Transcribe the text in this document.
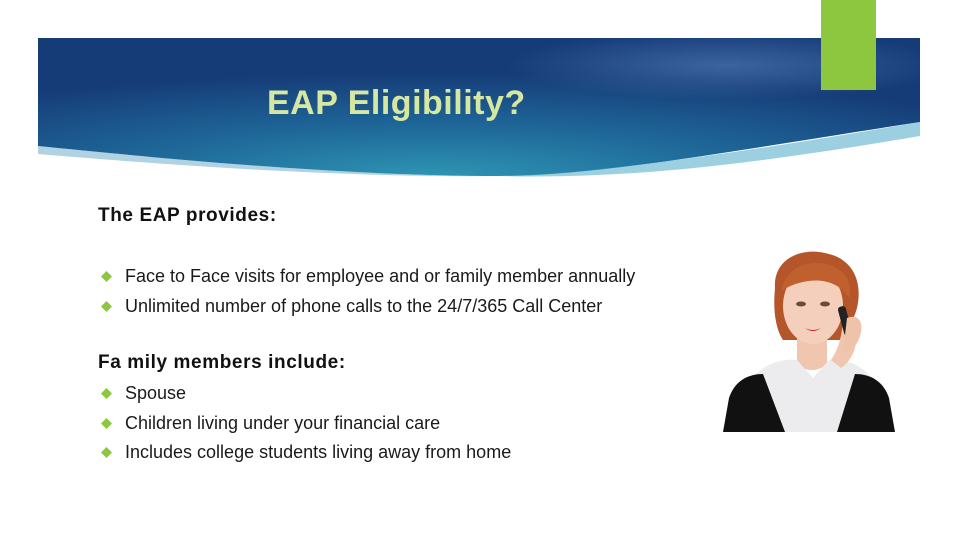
EAP Eligibility?

The EAP provides:

Face to Face visits for employee and or family member annually
Unlimited number of phone calls to the 24/7/365 Call Center

Fa mily members include:

Spouse
Children living under your financial care
Includes college students living away from home
